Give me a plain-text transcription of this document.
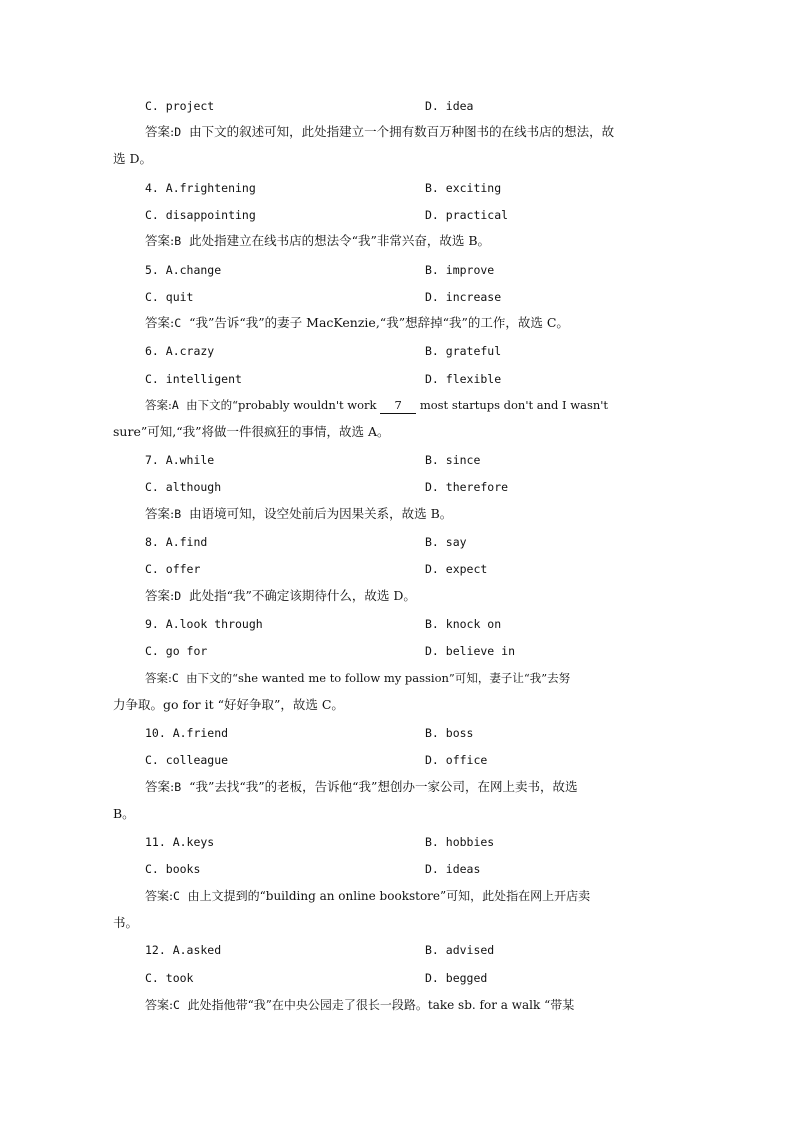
C. project	D. idea
答案:D 由下文的叙述可知，此处指建立一个拥有数百万种图书的在线书店的想法，故
选 D。
4. A.frightening	B. exciting
C. disappointing	D. practical
答案:B 此处指建立在线书店的想法令“我”非常兴奋，故选 B。
5. A.change	B. improve
C. quit	D. increase
答案:C “我”告诉“我”的妻子 MacKenzie,“我”想辞掉“我”的工作，故选 C。
6. A.crazy	B. grateful
C. intelligent	D. flexible
答案:A 由下文的“probably wouldn't work 7 most startups don't and I wasn't
sure”可知,“我”将做一件很疯狂的事情，故选 A。
7. A.while	B. since
C. although	D. therefore
答案:B 由语境可知，设空处前后为因果关系，故选 B。
8. A.find	B. say
C. offer	D. expect
答案:D 此处指“我”不确定该期待什么，故选 D。
9. A.look through	B. knock on
C. go for	D. believe in
答案:C 由下文的“she wanted me to follow my passion”可知，妻子让“我”去努
力争取。go for it “好好争取”，故选 C。
10. A.friend	B. boss
C. colleague	D. office
答案:B “我”去找“我”的老板，告诉他“我”想创办一家公司，在网上卖书，故选
B。
11. A.keys	B. hobbies
C. books	D. ideas
答案:C 由上文提到的“building an online bookstore”可知，此处指在网上开店卖
书。
12. A.asked	B. advised
C. took	D. begged
答案:C 此处指他带“我”在中央公园走了很长一段路。take sb. for a walk “带某
